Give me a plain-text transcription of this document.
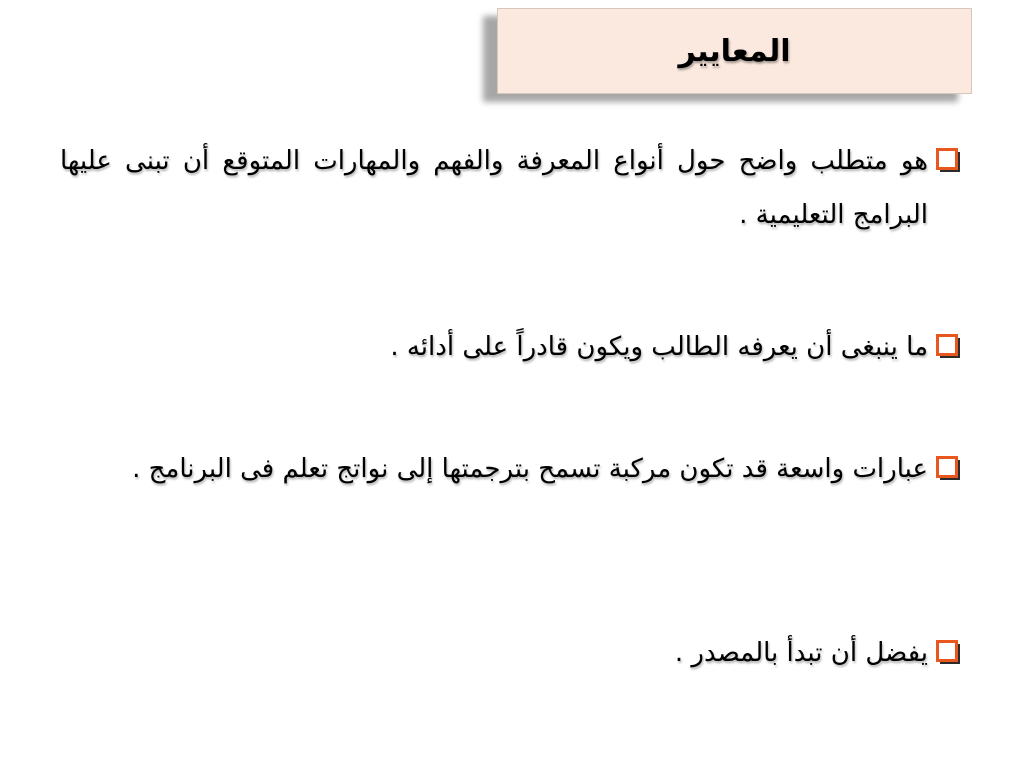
المعايير
هو متطلب واضح حول أنواع المعرفة والفهم والمهارات المتوقع أن تبنى عليها البرامج التعليمية .
ما ينبغى أن يعرفه الطالب ويكون قادراً على أدائه .
عبارات واسعة قد تكون مركبة تسمح بترجمتها إلى نواتج تعلم فى البرنامج .
يفضل أن تبدأ بالمصدر .
